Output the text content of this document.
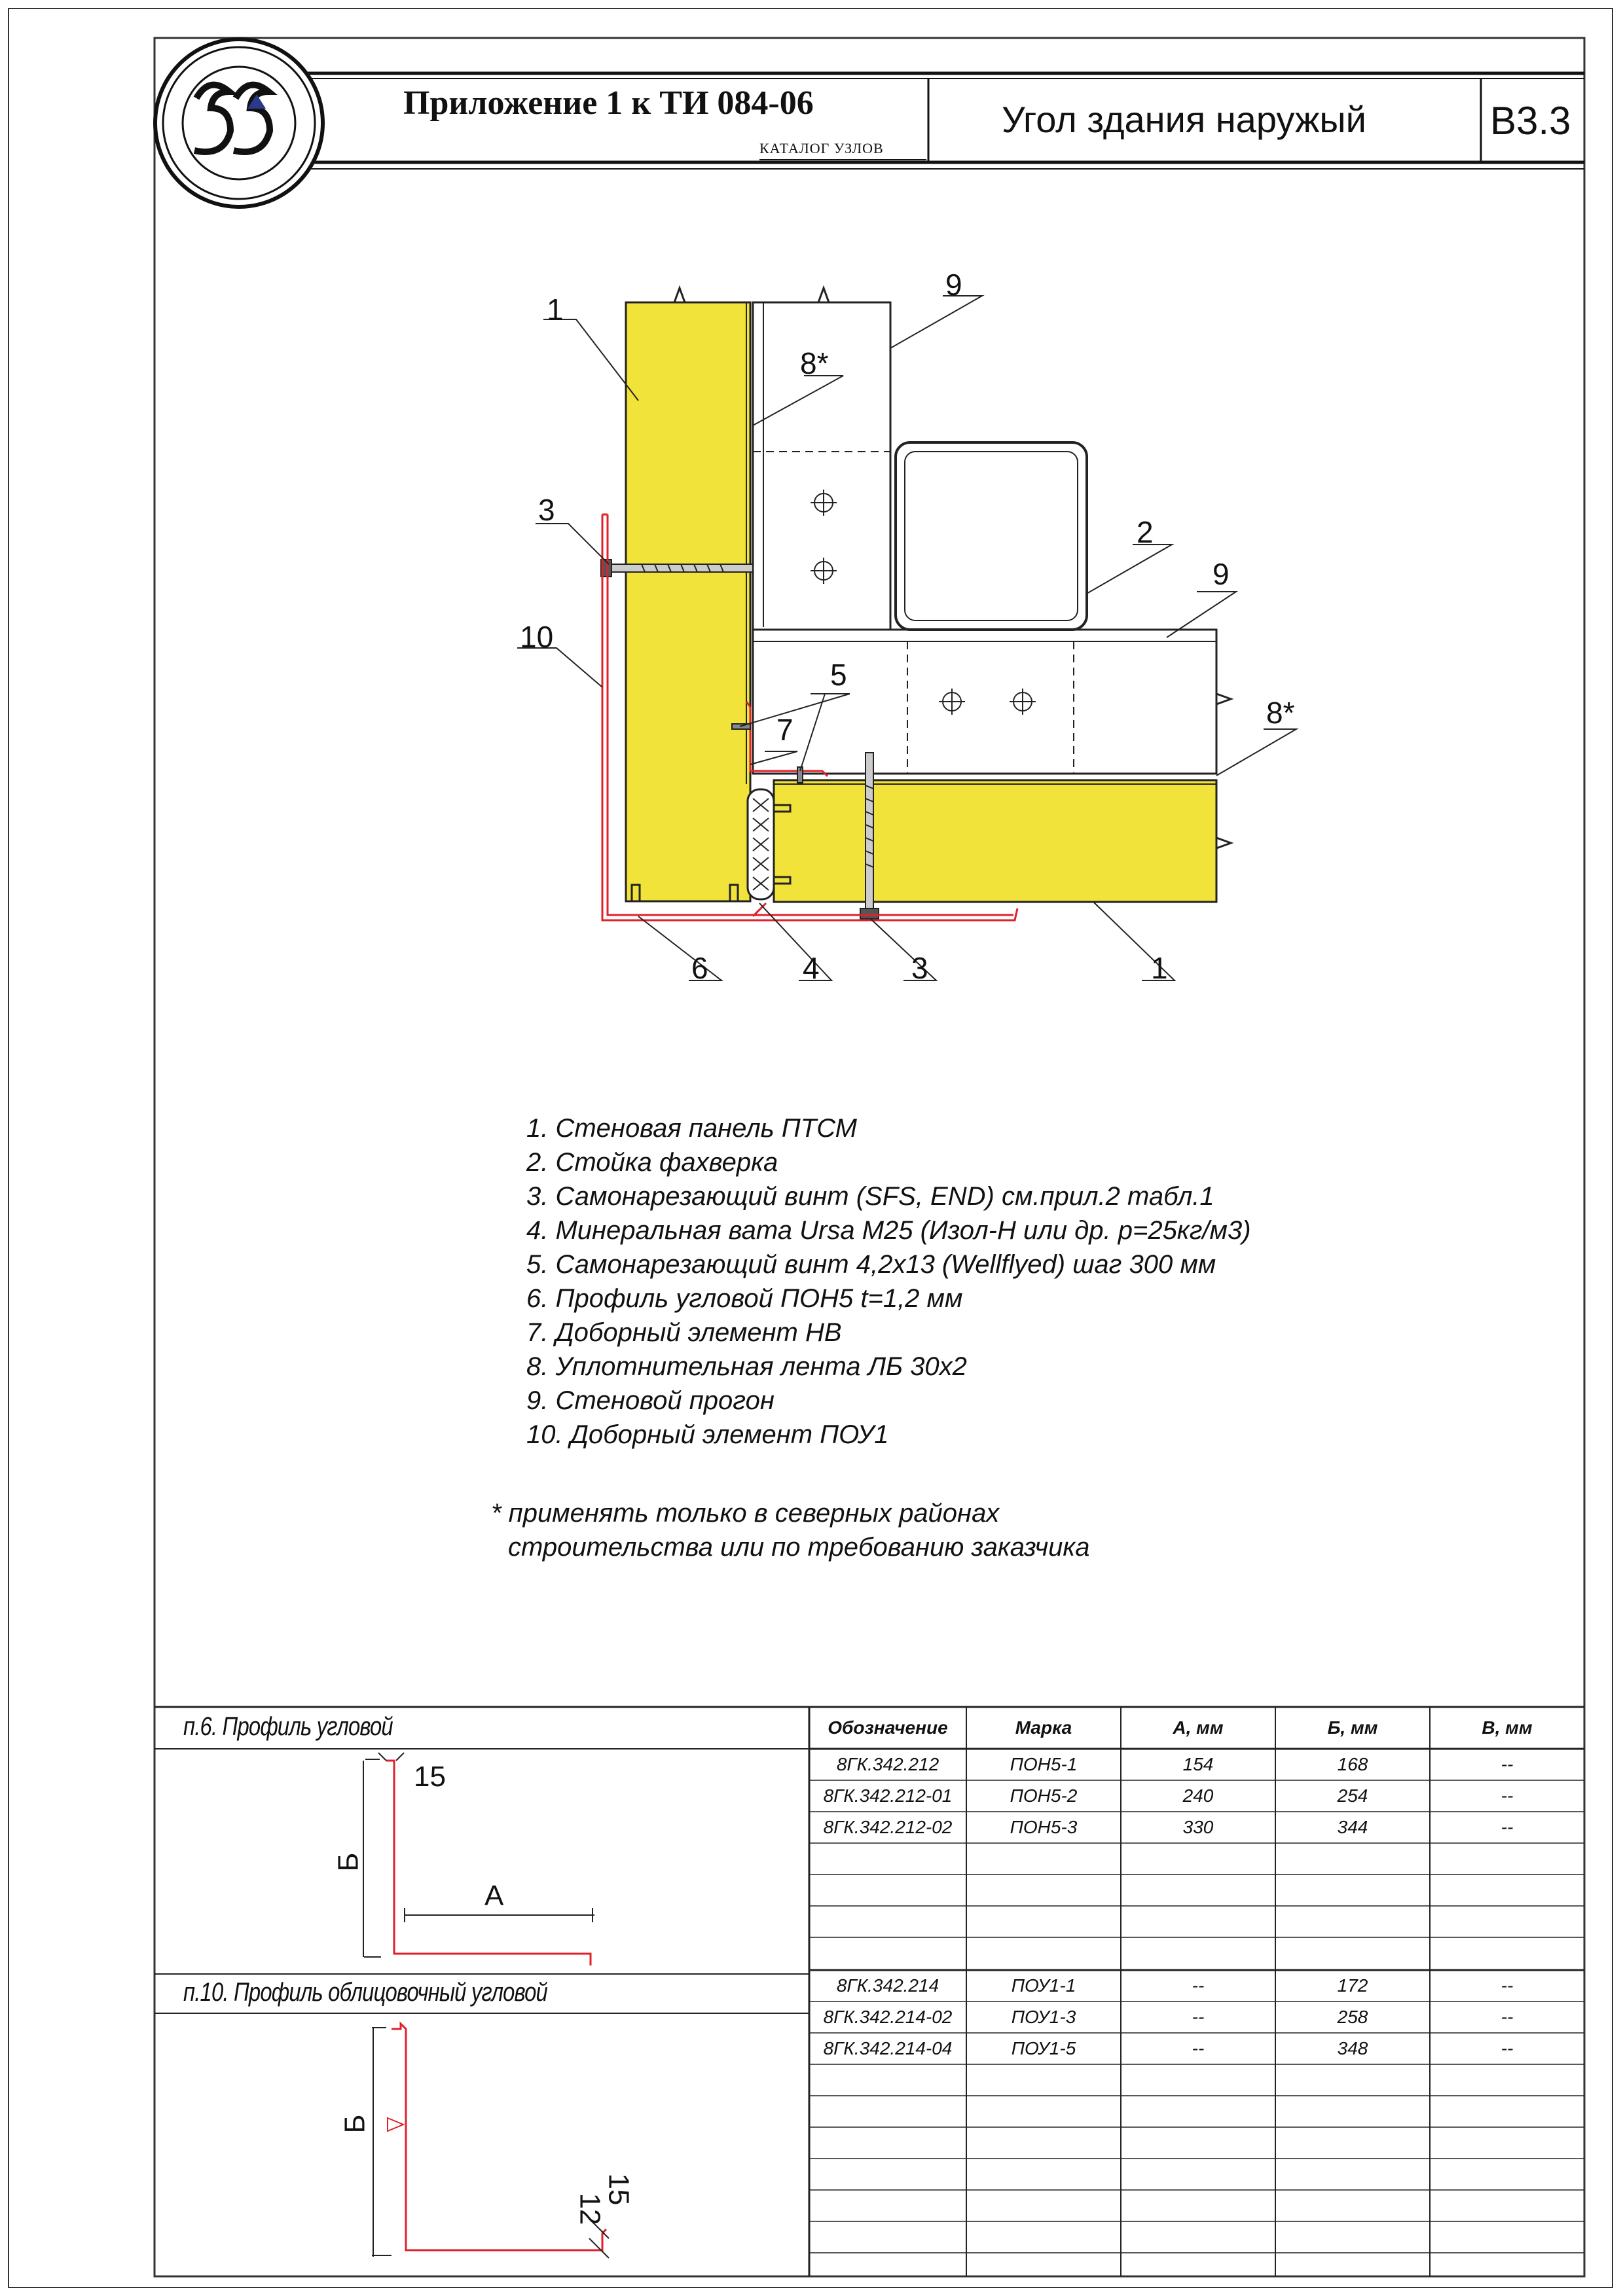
Приложение 1 к ТИ 084-06
КАТАЛОГ УЗЛОВ
Угол здания наружый	В3.3
1
9
8*
3
2
9
10
5
7	8*
6	4	3	1
1. Стеновая панель ПТСМ
2. Стойка фахверка
3. Самонарезающий винт (SFS, END) см.прил.2 табл.1
4. Минеральная вата Ursa M25 (Изол-Н или др. р=25кг/м3)
5. Самонарезающий винт 4,2х13 (Wellflyed) шаг 300 мм
6. Профиль угловой ПОН5 t=1,2 мм
7. Доборный элемент НВ
8. Уплотнительная лента ЛБ 30х2
9. Стеновой прогон
10. Доборный элемент ПОУ1
* применять только в северных районах
строительства или по требованию заказчика
п.6. Профиль угловой
п.10. Профиль облицовочный угловой
15
А
Б
Б
15
12
Обозначение	Марка	А, мм	Б, мм	В, мм
8ГК.342.212	ПОН5-1	154	168	--
8ГК.342.212-01	ПОН5-2	240	254	--
8ГК.342.212-02	ПОН5-3	330	344	--
8ГК.342.214	ПОУ1-1	--	172	--
8ГК.342.214-02	ПОУ1-3	--	258	--
8ГК.342.214-04	ПОУ1-5	--	348	--
